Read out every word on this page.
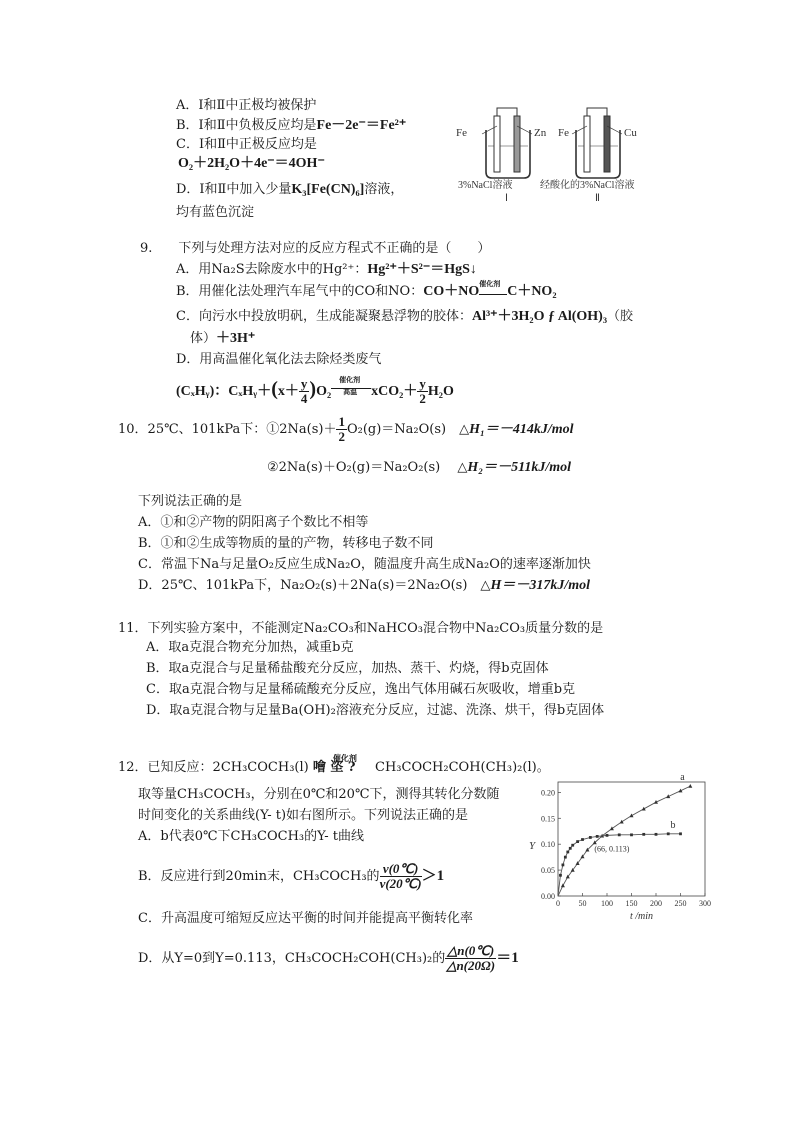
A．Ⅰ和Ⅱ中正极均被保护
B．Ⅰ和Ⅱ中负极反应均是Fe－2e⁻＝Fe²⁺
C．Ⅰ和Ⅱ中正极反应均是
O₂＋2H₂O＋4e⁻＝4OH⁻
D．Ⅰ和Ⅱ中加入少量K₃[Fe(CN)₆]溶液，
均有蓝色沉淀
Fe	Zn
3%NaCl溶液
Ⅰ
Fe	Cu
经酸化的3%NaCl溶液
Ⅱ
9.　　下列与处理方法对应的反应方程式不正确的是（　　）
A．用Na₂S去除废水中的Hg²⁺：Hg²⁺＋S²⁻＝HgS↓
B．用催化法处理汽车尾气中的CO和NO：CO＋NO
催化剂
C＋NO₂
C．向污水中投放明矾，生成能凝聚悬浮物的胶体：Al³⁺＋3H₂O ƒ Al(OH)₃（胶
体）＋3H⁺
D．用高温催化氧化法去除烃类废气
(CₓHᵧ)：CₓHᵧ＋(x＋ $\frac{y}{4} )O_2$
催化剂
高温 $xCO_2+ \frac{y}{2} H_2O$
10．25℃、101kPa下：①2Na(s)＋ $\frac{1}{2} O_2(g)=Na_2O(s)$　△H₁＝－414kJ/mol
②2Na(s)＋O₂(g)＝Na₂O₂(s)　 △H₂＝－511kJ/mol
下列说法正确的是
A．①和②产物的阴阳离子个数比不相等
B．①和②生成等物质的量的产物，转移电子数不同
C．常温下Na与足量O₂反应生成Na₂O，随温度升高生成Na₂O的速率逐渐加快
D．25℃、101kPa下，Na₂O₂(s)＋2Na(s)＝2Na₂O(s)　△H＝－317kJ/mol
11．下列实验方案中，不能测定Na₂CO₃和NaHCO₃混合物中Na₂CO₃质量分数的是
A．取a克混合物充分加热，减重b克
B．取a克混合与足量稀盐酸充分反应，加热、蒸干、灼烧，得b克固体
C．取a克混合物与足量稀硫酸充分反应，逸出气体用碱石灰吸收，增重b克
D．取a克混合物与足量Ba(OH)₂溶液充分反应，过滤、洗涤、烘干，得b克固体
12．已知反应：2CH₃COCH₃(l)
催化剂
噲 垐 ? CH₃COCH₂COH(CH₃)₂(l)。
取等量CH₃COCH₃，分别在0℃和20℃下，测得其转化分数随
时间变化的关系曲线(Y- t)如右图所示。下列说法正确的是
A．b代表0℃下CH₃COCH₃的Y- t曲线
B．反应进行到20min末，CH₃COCH₃的 $\frac{v(0℃)}{v(20℃)} >1$
C．升高温度可缩短反应达平衡的时间并能提高平衡转化率
D．从Y=0到Y=0.113，CH₃COCH₂COH(CH₃)₂的 $\frac{\triangle n(0℃)}{\triangle n(20\Omega)} =1$
0 50 100 150 200 250 300
0.00
0.05
0.10
0.15
0.20
t /min
Y
a
b
(66, 0.113)
